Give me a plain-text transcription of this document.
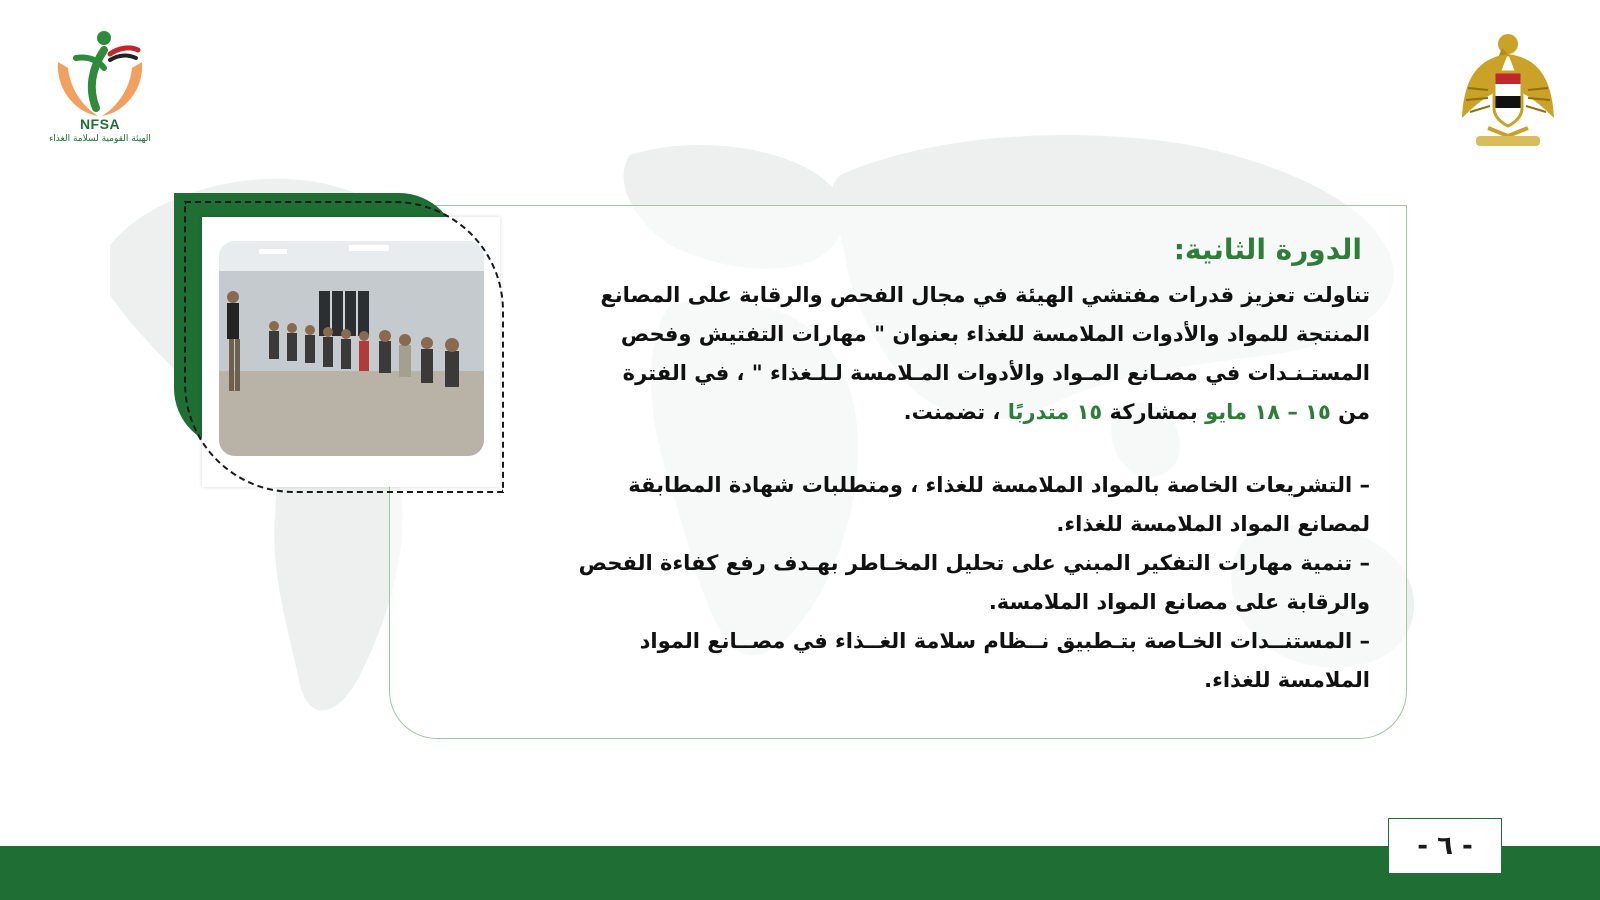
NFSA
الهيئة القومية لسلامة الغذاء
الدورة الثانية:

تناولت تعزيز قدرات مفتشي الهيئة في مجال الفحص والرقابة على المصانع

المنتجة للمواد والأدوات الملامسة للغذاء بعنوان " مهارات التفتيش وفحص

المستـنـدات في مصـانع المـواد والأدوات المـلامسة لـلـغذاء " ، في الفترة

من ١٥ – ١٨ مايو بمشاركة ١٥ متدربًا ، تضمنت.

– التشريعات الخاصة بالمواد الملامسة للغذاء ، ومتطلبات شهادة المطابقة لمصانع المواد الملامسة للغذاء.

– تنمية مهارات التفكير المبني على تحليل المخـاطر بهـدف رفع كفاءة الفحص والرقابة على مصانع المواد الملامسة.

– المستنــدات الخـاصة بتـطبيق نــظام سلامة الغــذاء في مصــانع المواد الملامسة للغذاء.

- ٦ -
